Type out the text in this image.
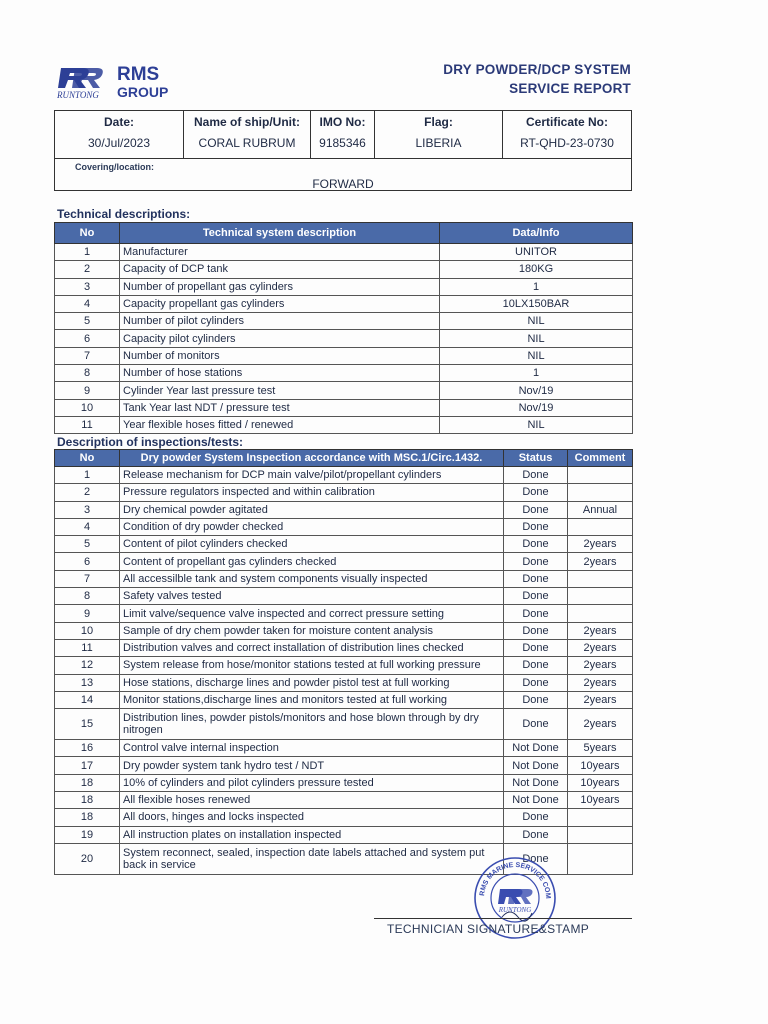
RMS
GROUP
RUNTONG
DRY POWDER/DCP SYSTEM
SERVICE REPORT
Date:
30/Jul/2023
Name of ship/Unit:
CORAL RUBRUM
IMO No:
9185346
Flag:
LIBERIA
Certificate No:
RT-QHD-23-0730
Covering/location:
FORWARD
Technical descriptions:
No	Technical system description	Data/Info
1	Manufacturer	UNITOR
2	Capacity of DCP tank	180KG
3	Number of propellant gas cylinders	1
4	Capacity propellant gas cylinders	10LX150BAR
5	Number of pilot cylinders	NIL
6	Capacity pilot cylinders	NIL
7	Number of monitors	NIL
8	Number of hose stations	1
9	Cylinder Year last pressure test	Nov/19
10	Tank Year last NDT / pressure test	Nov/19
11	Year flexible hoses fitted / renewed	NIL
Description of inspections/tests:
No	Dry powder System Inspection accordance with MSC.1/Circ.1432.	Status	Comment
1	Release mechanism for DCP main valve/pilot/propellant cylinders	Done	
2	Pressure regulators inspected and within calibration	Done	
3	Dry chemical powder agitated	Done	Annual
4	Condition of dry powder checked	Done	
5	Content of pilot cylinders checked	Done	2years
6	Content of propellant gas cylinders checked	Done	2years
7	All accessilble tank and system components visually inspected	Done	
8	Safety valves tested	Done	
9	Limit valve/sequence valve inspected and correct pressure setting	Done	
10	Sample of dry chem powder taken for moisture content analysis	Done	2years
11	Distribution valves and correct installation of distribution lines checked	Done	2years
12	System release from hose/monitor stations tested at full working pressure	Done	2years
13	Hose stations, discharge lines and powder pistol test at full working	Done	2years
14	Monitor stations,discharge lines and monitors tested at full working	Done	2years
15	Distribution lines, powder pistols/monitors and hose blown through by dry nitrogen	Done	2years
16	Control valve internal inspection	Not Done	5years
17	Dry powder system tank hydro test / NDT	Not Done	10years
18	10% of cylinders and pilot cylinders pressure tested	Not Done	10years
18	All flexible hoses renewed	Not Done	10years
18	All doors, hinges and locks inspected	Done	
19	All instruction plates on installation inspected	Done	
20	System reconnect, sealed, inspection date labels attached and system put back in service	Done	
RMS MARINE SERVICE COM
RUNTONG
TECHNICIAN SIGNATURE&STAMP
